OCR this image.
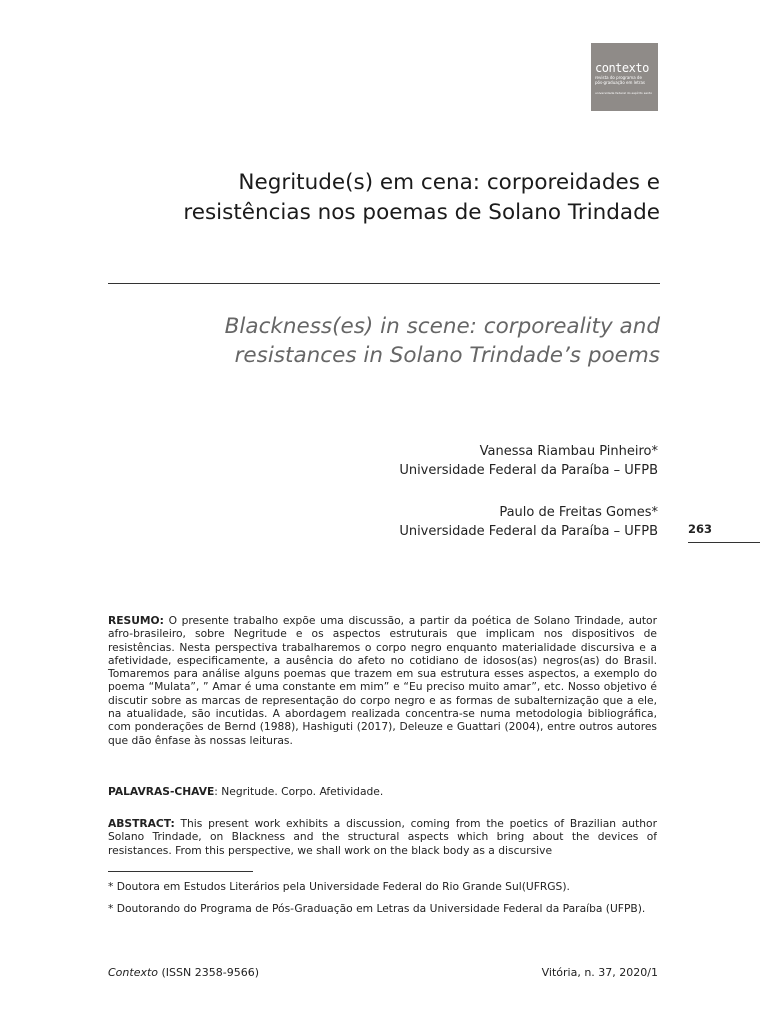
contexto
revista do programa de
pós-graduação em letras
universidade federal do espírito santo
Negritude(s) em cena: corporeidades e
resistências nos poemas de Solano Trindade
Blackness(es) in scene: corporeality and
resistances in Solano Trindade’s poems
Vanessa Riambau Pinheiro*
Universidade Federal da Paraíba – UFPB
Paulo de Freitas Gomes*
Universidade Federal da Paraíba – UFPB	263
RESUMO: O presente trabalho expõe uma discussão, a partir da poética de Solano Trindade, autor afro-brasileiro, sobre Negritude e os aspectos estruturais que implicam nos dispositivos de resistências. Nesta perspectiva trabalharemos o corpo negro enquanto materialidade discursiva e a afetividade, especificamente, a ausência do afeto no cotidiano de idosos(as) negros(as) do Brasil. Tomaremos para análise alguns poemas que trazem em sua estrutura esses aspectos, a exemplo do poema “Mulata”, ” Amar é uma constante em mim” e “Eu preciso muito amar”, etc. Nosso objetivo é discutir sobre as marcas de representação do corpo negro e as formas de subalternização que a ele, na atualidade, são incutidas. A abordagem realizada concentra-se numa metodologia bibliográfica, com ponderações de Bernd (1988), Hashiguti (2017), Deleuze e Guattari (2004), entre outros autores que dão ênfase às nossas leituras.
PALAVRAS-CHAVE: Negritude. Corpo. Afetividade.
ABSTRACT: This present work exhibits a discussion, coming from the poetics of Brazilian author Solano Trindade, on Blackness and the structural aspects which bring about the devices of resistances. From this perspective, we shall work on the black body as a discursive
* Doutora em Estudos Literários pela Universidade Federal do Rio Grande Sul(UFRGS).
* Doutorando do Programa de Pós-Graduação em Letras da Universidade Federal da Paraíba (UFPB).
Contexto (ISSN 2358-9566)	Vitória, n. 37, 2020/1
